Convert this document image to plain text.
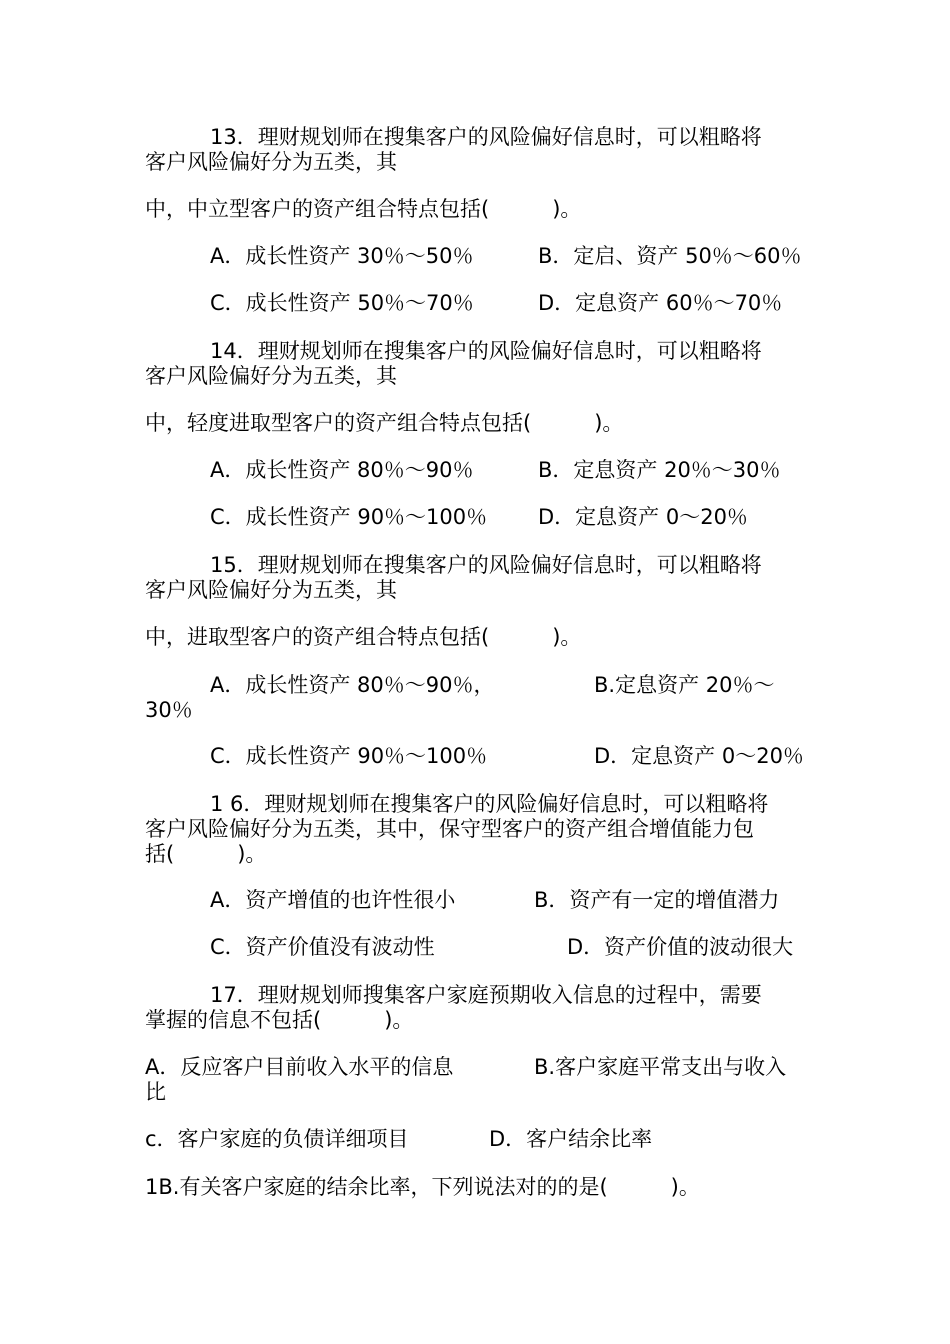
13．理财规划师在搜集客户的风险偏好信息时，可以粗略将
客户风险偏好分为五类，其
中，中立型客户的资产组合特点包括(　　　)。
A．成长性资产 30％～50％	B．定启、资产 50％～60％
C．成长性资产 50％～70％	D．定息资产 60％～70％
14．理财规划师在搜集客户的风险偏好信息时，可以粗略将
客户风险偏好分为五类，其
中，轻度进取型客户的资产组合特点包括(　　　)。
A．成长性资产 80％～90％	B．定息资产 20％～30％
C．成长性资产 90％～100％ D．定息资产 0～20％
15．理财规划师在搜集客户的风险偏好信息时，可以粗略将
客户风险偏好分为五类，其
中，进取型客户的资产组合特点包括(　　　)。
A．成长性资产 80％～90％，	B.定息资产 20％～
30％
C．成长性资产 90％～100％	D．定息资产 0～20％
1 6．理财规划师在搜集客户的风险偏好信息时，可以粗略将
客户风险偏好分为五类，其中，保守型客户的资产组合增值能力包
括(　　　)。
A．资产增值的也许性很小	B．资产有一定的增值潜力
C．资产价值没有波动性	D．资产价值的波动很大
17．理财规划师搜集客户家庭预期收入信息的过程中，需要
掌握的信息不包括(　　　)。
A．反应客户目前收入水平的信息	B.客户家庭平常支出与收入
比
c．客户家庭的负债详细项目	D．客户结余比率
1B.有关客户家庭的结余比率，下列说法对的的是(　　　)。
